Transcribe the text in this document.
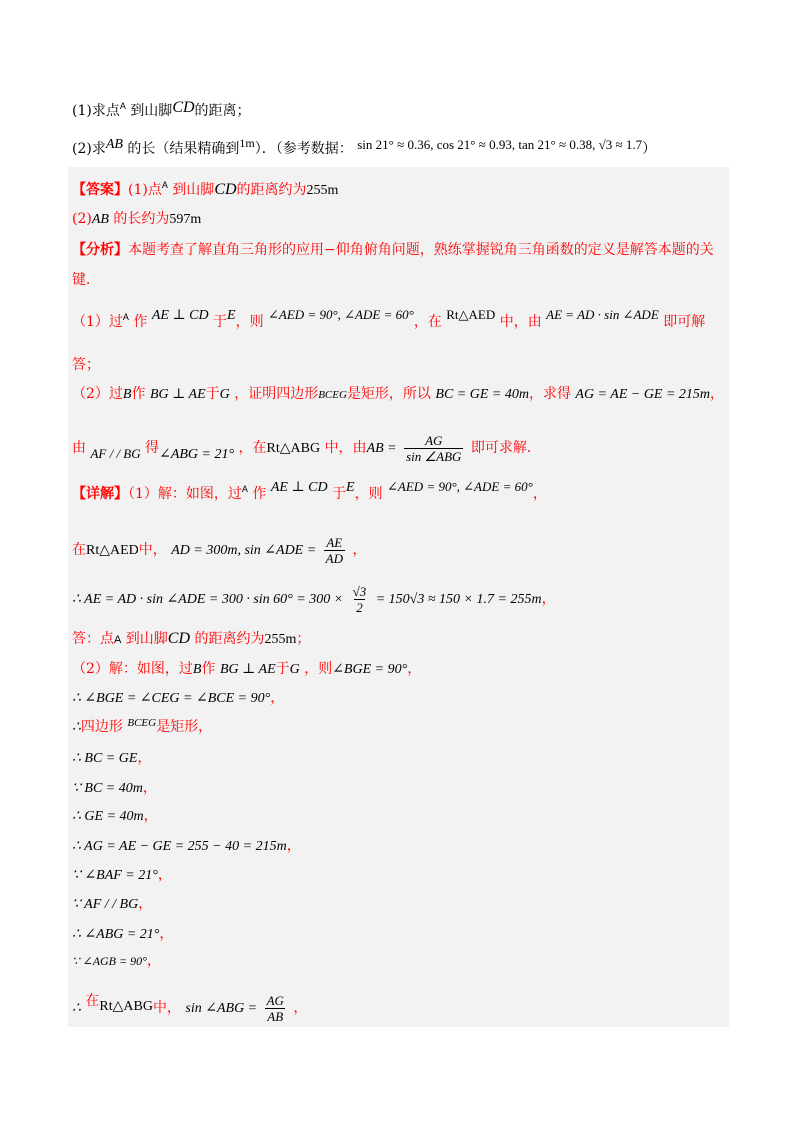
(1)求点$^A$ 到山脚CD的距离；
(2)求AB 的长（结果精确到1m）．（参考数据： sin 21° ≈ 0.36, cos 21° ≈ 0.93, tan 21° ≈ 0.38, √3 ≈ 1.7）
【答案】(1)点$^A$ 到山脚CD的距离约为255m
(2)AB 的长约为597m
【分析】本题考查了解直角三角形的应用−仰角俯角问题，熟练掌握锐角三角函数的定义是解答本题的关
键．
（1）过$^A$ 作 AE ⊥ CD 于E，则 ∠AED = 90°, ∠ADE = 60°，在 Rt△AED 中，由 AE = AD · sin ∠ADE 即可解
答；
（2）过B作 BG ⊥ AE于G ，证明四边形BCEG是矩形，所以 BC = GE = 40m，求得 AG = AE − GE = 215m，
由 AF / / BG 得∠ABG = 21° ，在Rt△ABG 中，由AB = $\frac{AG}{\text{sin ∠ABG}}$ 即可求解．
【详解】（1）解：如图，过$^A$ 作 AE ⊥ CD 于E，则 ∠AED = 90°, ∠ADE = 60°，
在Rt△AED中， AD = 300m, sin ∠ADE = $\frac{AE}{AD}$ ，
∴ AE = AD · sin ∠ADE = $300 \cdot \sin 60^\circ = 300 \times \frac{√3}{2} = 150√3 \approx 150 \times 1.7 = 255m$，
答：点A 到山脚CD 的距离约为255m；
（2）解：如图，过B作 BG ⊥ AE于G ，则∠BGE = 90°，
∴ ∠BGE = ∠CEG = ∠BCE = 90°，
∴四边形 $^{BCEG}$是矩形，
∴ BC = GE，
∵ BC = 40m，
∴ GE = 40m，
∴ AG = AE − GE = 255 − 40 = 215m，
∵ ∠BAF = 21°，
∵ AF / / BG，
∴ ∠ABG = 21°，
∵ ∠AGB = 90°，
∴ 在Rt△ABG中， sin ∠ABG = $\frac{AG}{AB}$ ，
